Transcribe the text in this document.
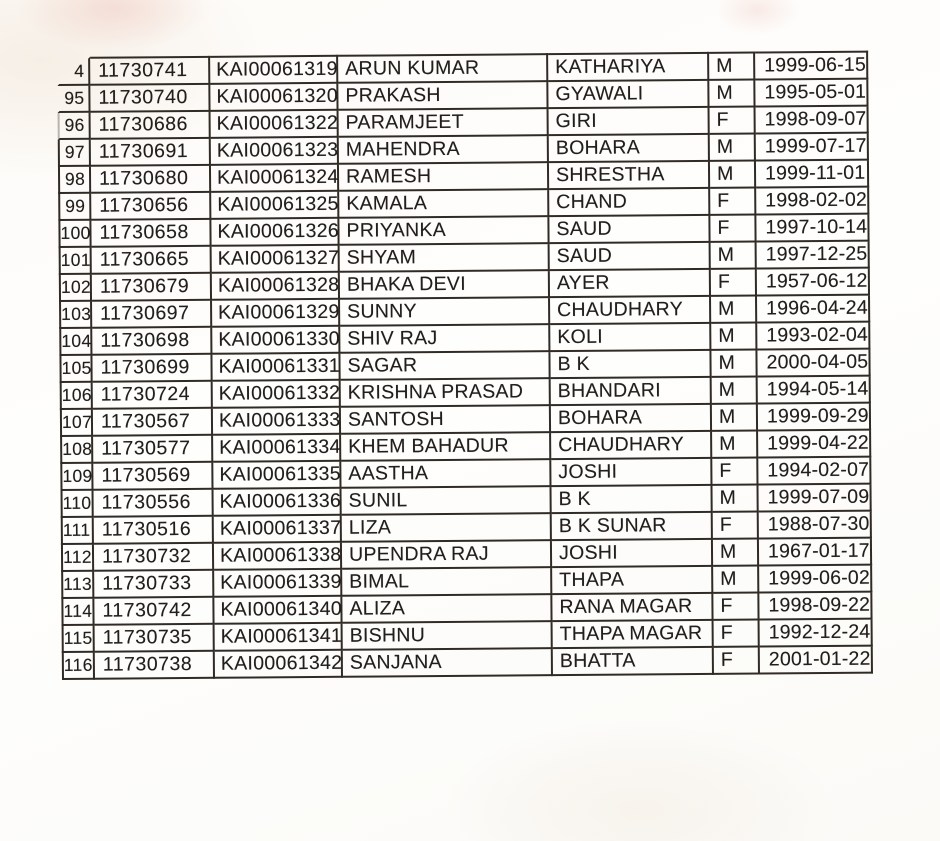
4 11730741	KAI00061319 ARUN KUMAR	KATHARIYA	M	1999-06-15
95 11730740	KAI00061320 PRAKASH	GYAWALI	M	1995-05-01
96 11730686	KAI00061322 PARAMJEET	GIRI	F	1998-09-07
97 11730691	KAI00061323 MAHENDRA	BOHARA	M	1999-07-17
98 11730680	KAI00061324 RAMESH	SHRESTHA	M	1999-11-01
99 11730656	KAI00061325 KAMALA	CHAND	F	1998-02-02
100 11730658	KAI00061326 PRIYANKA	SAUD	F	1997-10-14
101 11730665	KAI00061327 SHYAM	SAUD	M	1997-12-25
102 11730679	KAI00061328 BHAKA DEVI	AYER	F	1957-06-12
103 11730697	KAI00061329 SUNNY	CHAUDHARY	M	1996-04-24
104 11730698	KAI00061330 SHIV RAJ	KOLI	M	1993-02-04
105 11730699	KAI00061331 SAGAR	B K	M	2000-04-05
106 11730724	KAI00061332 KRISHNA PRASAD	BHANDARI	M	1994-05-14
107 11730567	KAI00061333 SANTOSH	BOHARA	M	1999-09-29
108 11730577	KAI00061334 KHEM BAHADUR	CHAUDHARY	M	1999-04-22
109 11730569	KAI00061335 AASTHA	JOSHI	F	1994-02-07
110 11730556	KAI00061336 SUNIL	B K	M	1999-07-09
111 11730516	KAI00061337 LIZA	B K SUNAR	F	1988-07-30
112 11730732	KAI00061338 UPENDRA RAJ	JOSHI	M	1967-01-17
113 11730733	KAI00061339 BIMAL	THAPA	M	1999-06-02
114 11730742	KAI00061340 ALIZA	RANA MAGAR	F	1998-09-22
115 11730735	KAI00061341 BISHNU	THAPA MAGAR F	1992-12-24
116 11730738	KAI00061342 SANJANA	BHATTA	F	2001-01-22
